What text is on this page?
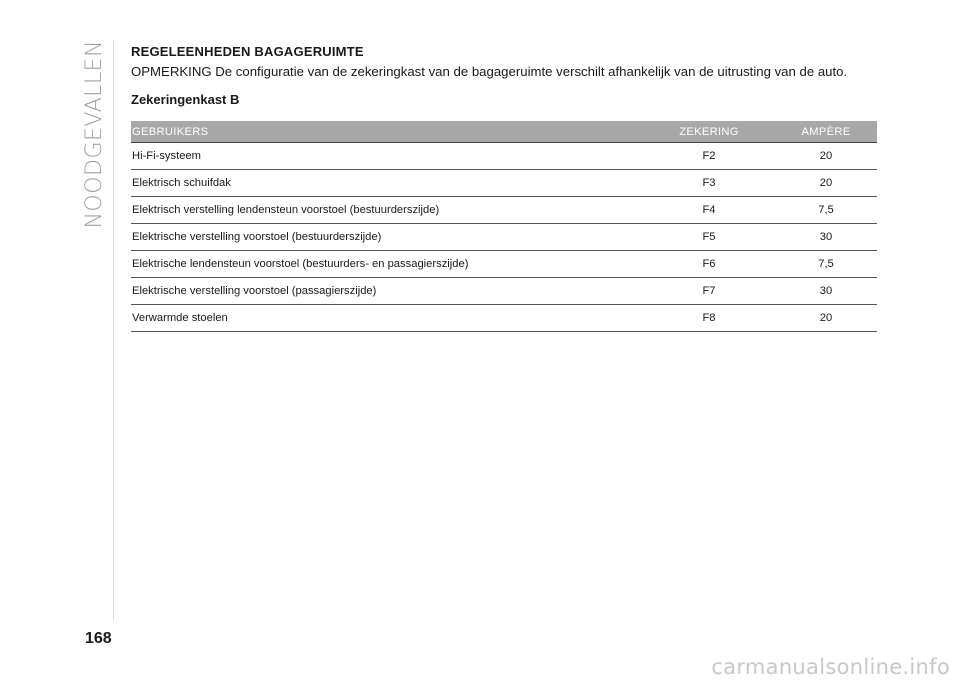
NOODGEVALLEN REGELEENHEDEN BAGAGERUIMTE

OPMERKING De configuratie van de zekeringkast van de bagageruimte verschilt afhankelijk van de uitrusting van de auto.

Zekeringenkast B
GEBRUIKERS	ZEKERING	AMPÈRE
Hi-Fi-systeem	F2	20
Elektrisch schuifdak	F3	20
Elektrisch verstelling lendensteun voorstoel (bestuurderszijde)	F4	7,5
Elektrische verstelling voorstoel (bestuurderszijde)	F5	30
Elektrische lendensteun voorstoel (bestuurders- en passagierszijde)	F6	7,5
Elektrische verstelling voorstoel (passagierszijde)	F7	30
Verwarmde stoelen	F8	20
168
carmanualsonline.info
